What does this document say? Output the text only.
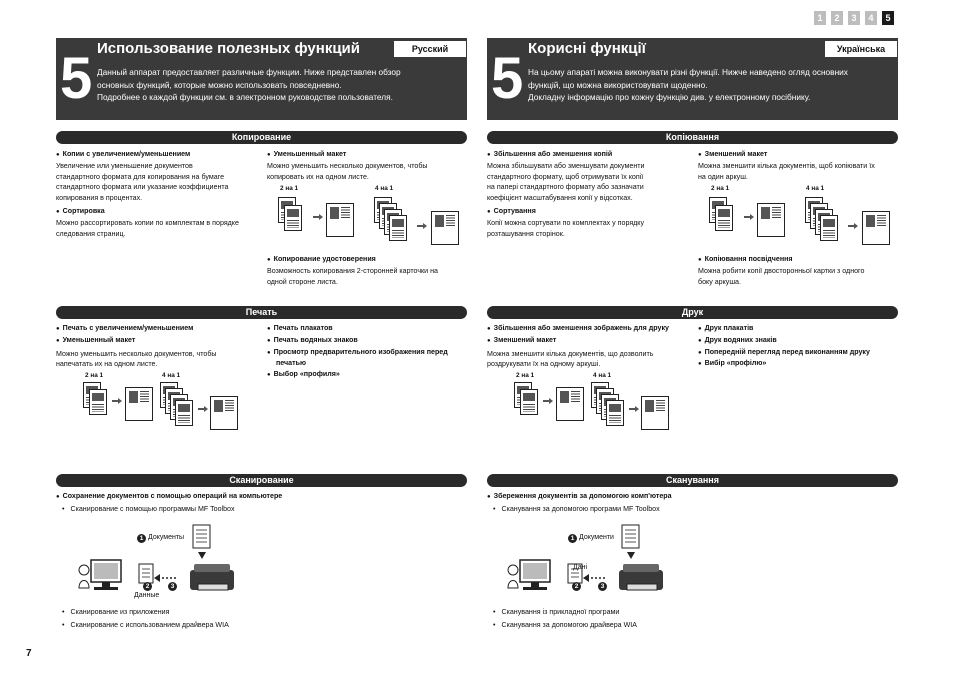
1	2	3	4	5
5 Использование полезных функций	Русский
Данный аппарат предоставляет различные функции. Ниже представлен обзор
основных функций, которые можно использовать повседневно.
Подробнее о каждой функции см. в электронном руководстве пользователя.
Копирование
● Копии с увеличением/уменьшением
Увеличение или уменьшение документов
стандартного формата для копирования на бумаге
стандартного формата или указание коэффициента
копирования в процентах.
● Сортировка
Можно рассортировать копии по комплектам в порядке
следования страниц.
● Уменьшенный макет
Можно уменьшить несколько документов, чтобы
копировать их на одном листе.
2 на 1	4 на 1
● Копирование удостоверения
Возможность копирования 2-сторонней карточки на
одной стороне листа.
Печать
● Печать с увеличением/уменьшением
● Уменьшенный макет
Можно уменьшить несколько документов, чтобы
напечатать их на одном листе.
2 на 1	4 на 1
● Печать плакатов
● Печать водяных знаков
● Просмотр предварительного изображения перед
печатью
● Выбор «профиля»
Сканирование
● Сохранение документов с помощью операций на компьютере
• Сканирование с помощью программы MF Toolbox
1 Документы
2	3
Данные
• Сканирование из приложения
• Сканирование с использованием драйвера WIA
5 Корисні функції	Українська
На цьому апараті можна виконувати різні функції. Нижче наведено огляд основних
функцій, що можна використовувати щоденно.
Докладну інформацію про кожну функцію див. у електронному посібнику.
Копіювання
● Збільшення або зменшення копій
Можна збільшувати або зменшувати документи
стандартного формату, щоб отримувати їх копії
на папері стандартного формату або зазначати
коефіцієнт масштабування копії у відсотках.
● Сортування
Копії можна сортувати по комплектах у порядку
розташування сторінок.
● Зменшений макет
Можна зменшити кілька документів, щоб копіювати їх
на один аркуш.
2 на 1	4 на 1
● Копіювання посвідчення
Можна робити копії двосторонньої картки з одного
боку аркуша.
Друк
● Збільшення або зменшення зображень для друку
● Зменшений макет
Можна зменшити кілька документів, що дозволить
роздрукувати їх на одному аркуші.
2 на 1	4 на 1
● Друк плакатів
● Друк водяних знаків
● Попередній перегляд перед виконанням друку
● Вибір «профілю»
Сканування
● Збереження документів за допомогою комп'ютера
• Сканування за допомогою програми MF Toolbox
1 Документи
2	3
Дані
• Сканування із прикладної програми
• Сканування за допомогою драйвера WIA
7
